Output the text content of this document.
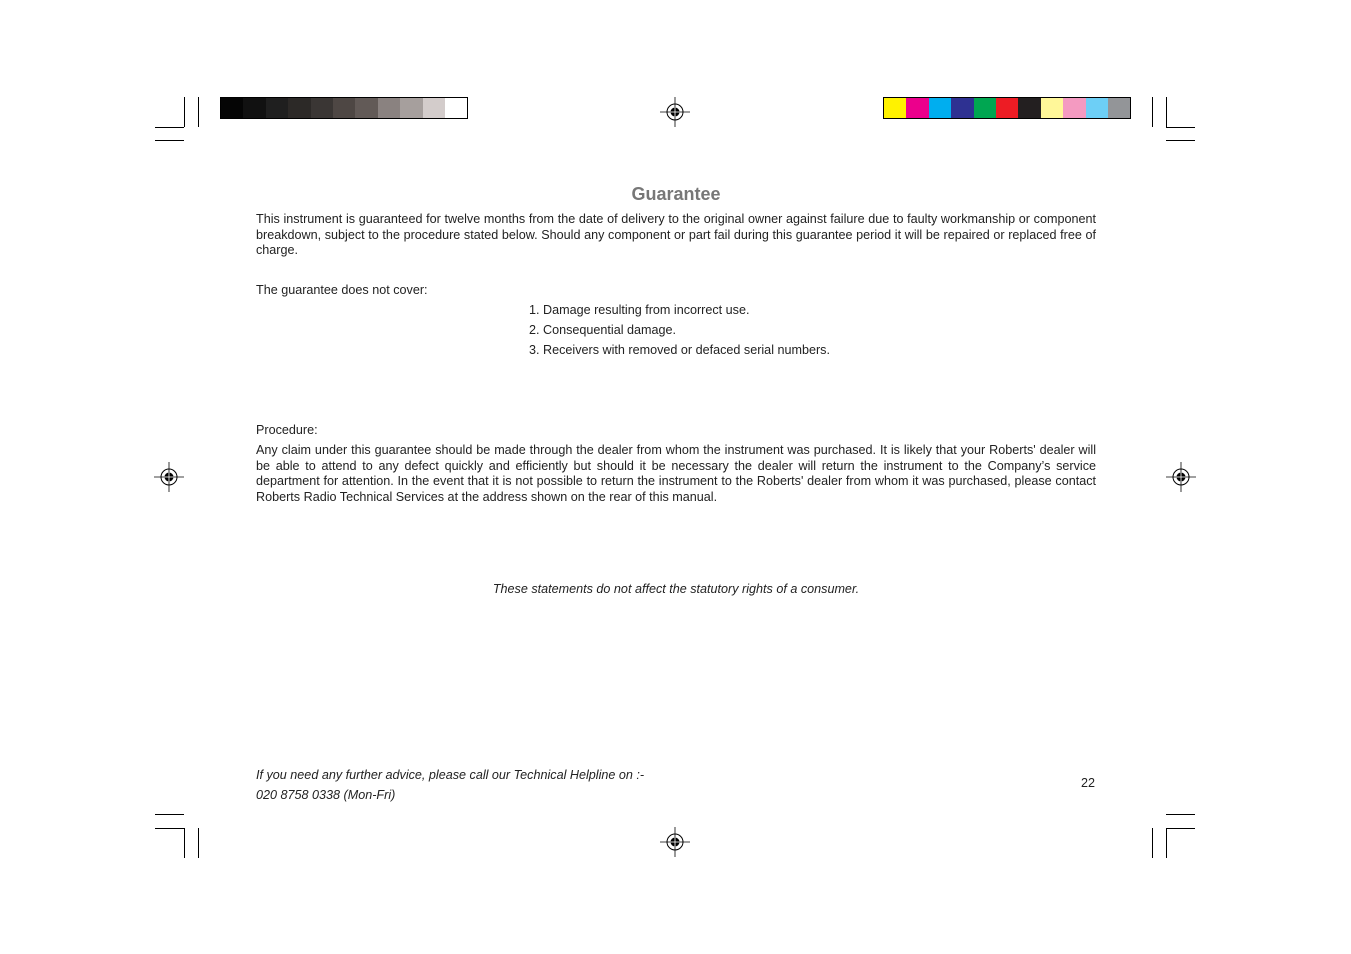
Guarantee
This instrument is guaranteed for twelve months from the date of delivery to the original owner against failure due to faulty workmanship or component breakdown, subject to the procedure stated below. Should any component or part fail during this guarantee period it will be repaired or replaced free of charge.
The guarantee does not cover:
1. Damage resulting from incorrect use.
2. Consequential damage.
3. Receivers with removed or defaced serial numbers.
Procedure:
Any claim under this guarantee should be made through the dealer from whom the instrument was purchased. It is likely that your Roberts' dealer will be able to attend to any defect quickly and efficiently but should it be necessary the dealer will return the instrument to the Company’s service department for attention. In the event that it is not possible to return the instrument to the Roberts' dealer from whom it was purchased, please contact Roberts Radio Technical Services at the address shown on the rear of this manual.
These statements do not affect the statutory rights of a consumer.
If you need any further advice, please call our Technical Helpline on :-
020 8758 0338 (Mon-Fri)
22
